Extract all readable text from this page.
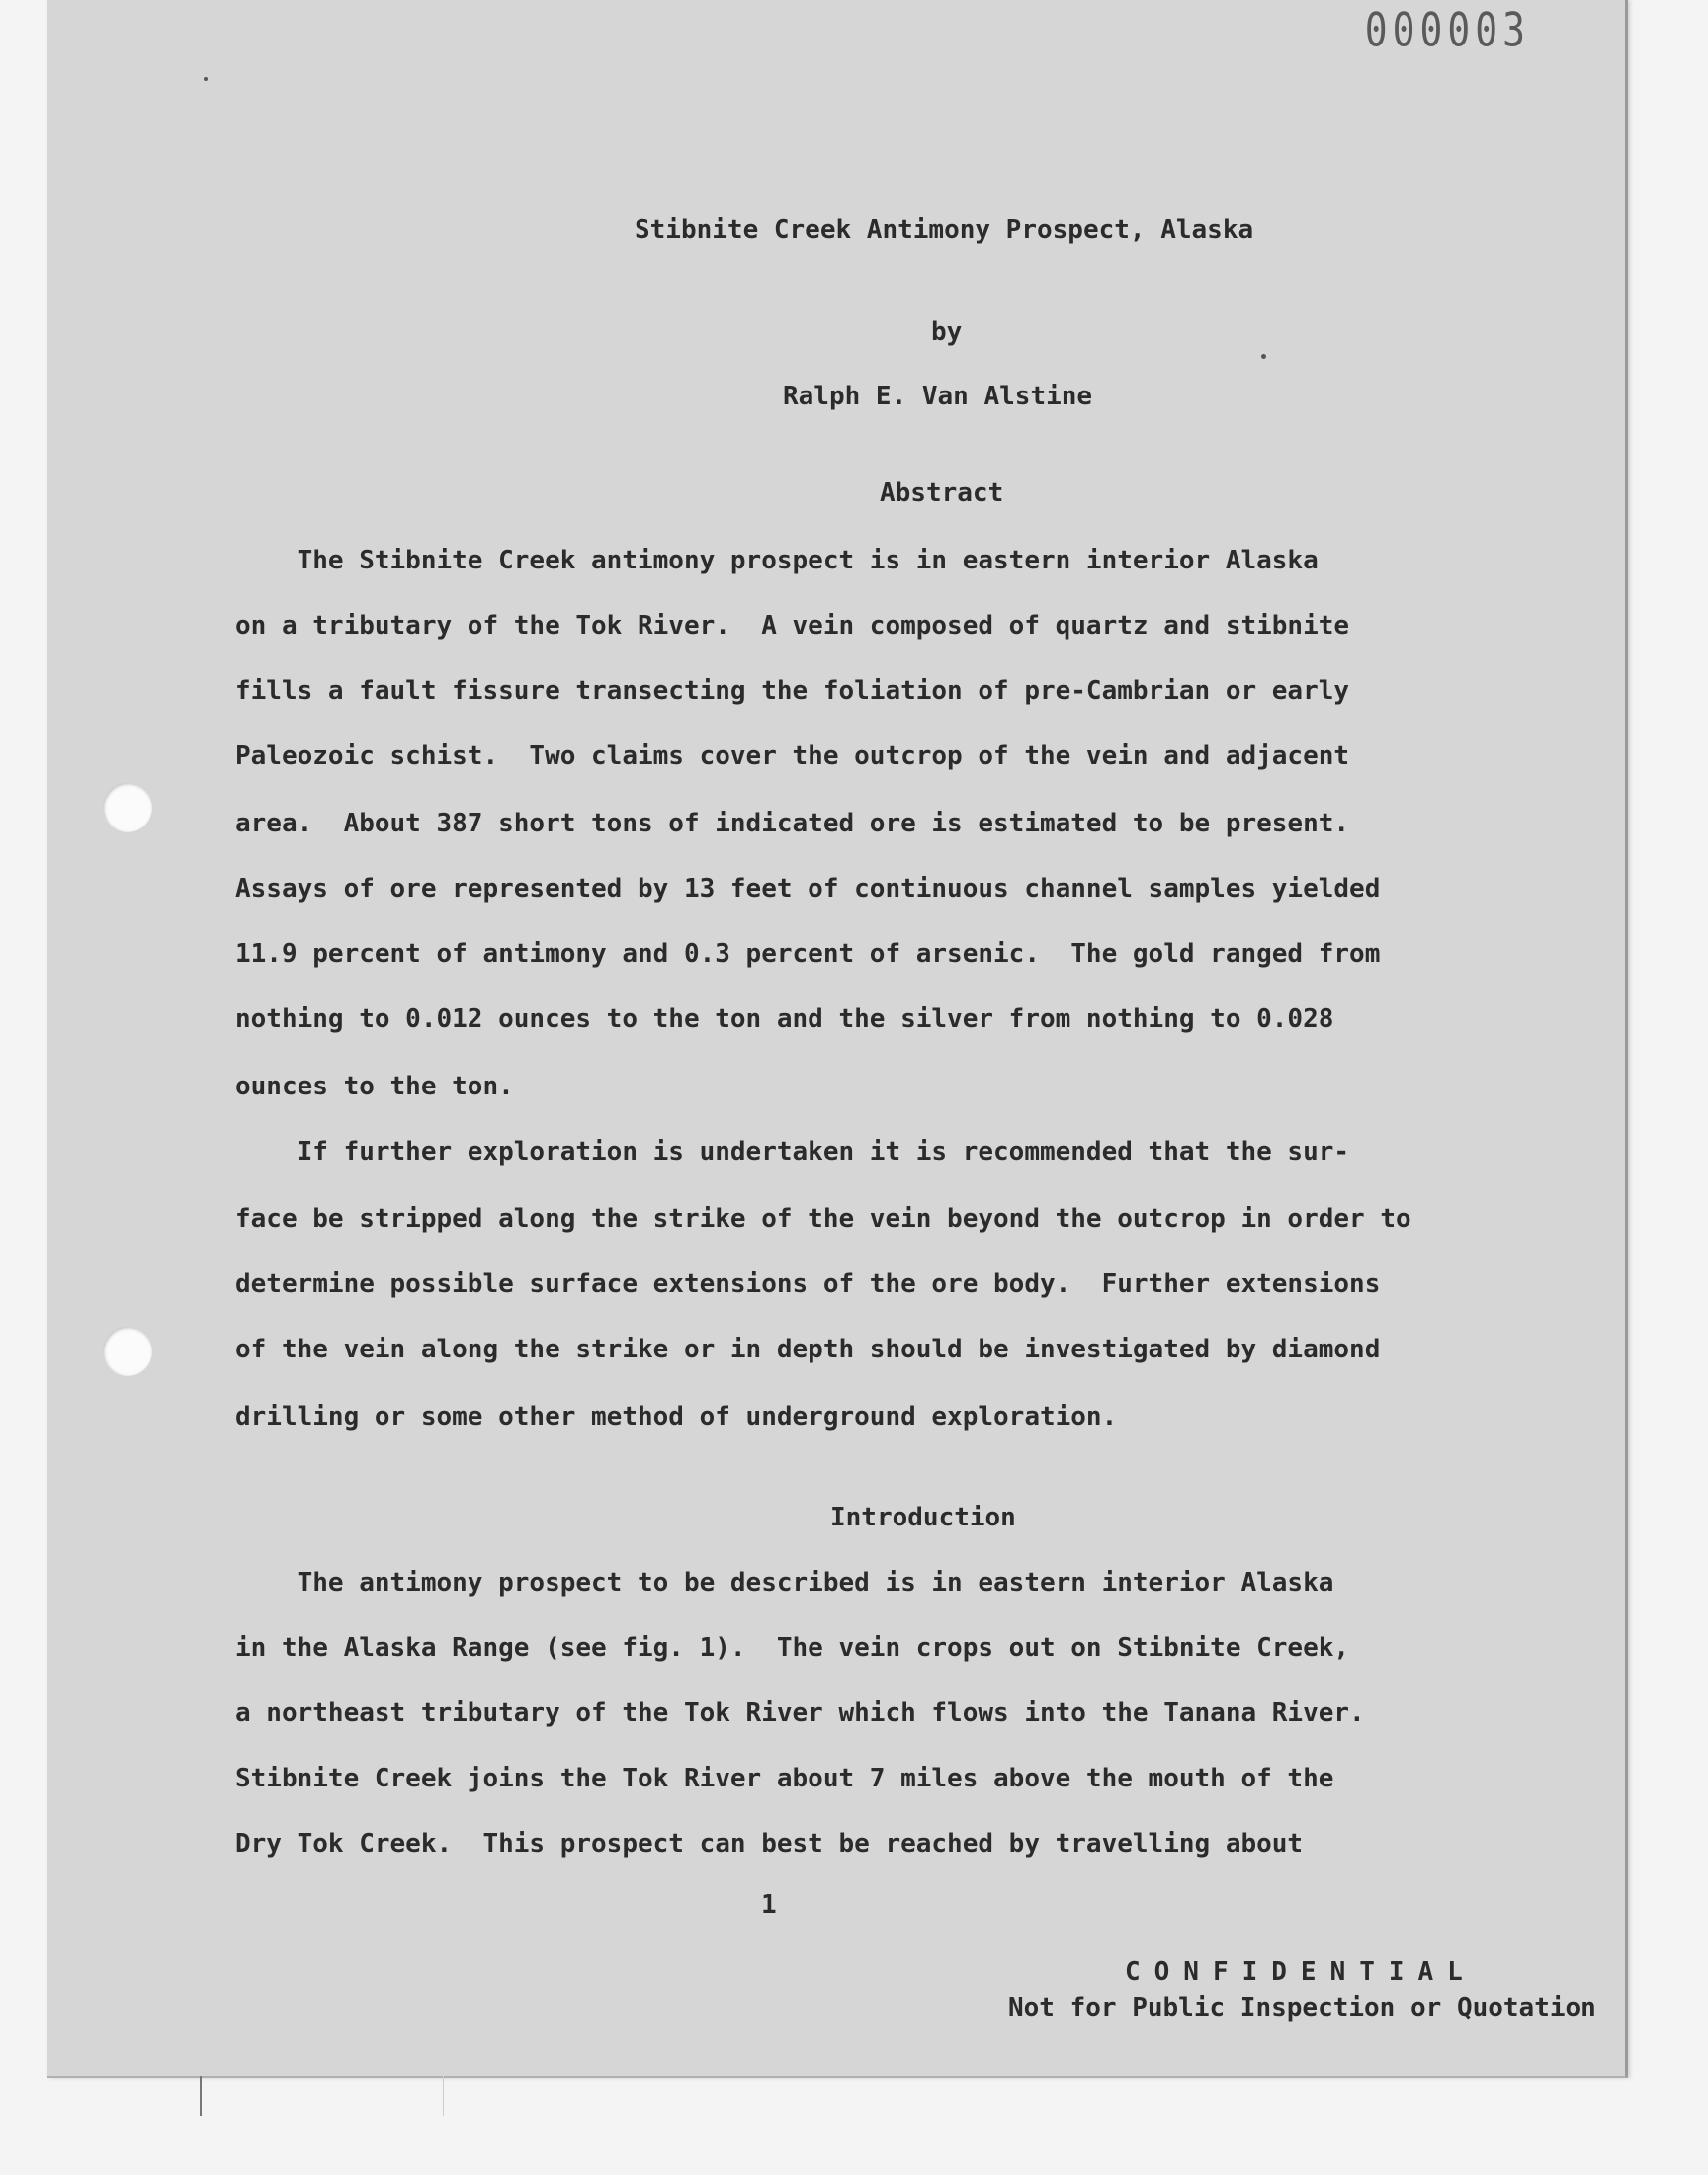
000003
Stibnite Creek Antimony Prospect, Alaska
by
Ralph E. Van Alstine
Abstract
The Stibnite Creek antimony prospect is in eastern interior Alaska
on a tributary of the Tok River.  A vein composed of quartz and stibnite
fills a fault fissure transecting the foliation of pre-Cambrian or early
Paleozoic schist.  Two claims cover the outcrop of the vein and adjacent
area.  About 387 short tons of indicated ore is estimated to be present.
Assays of ore represented by 13 feet of continuous channel samples yielded
11.9 percent of antimony and 0.3 percent of arsenic.  The gold ranged from
nothing to 0.012 ounces to the ton and the silver from nothing to 0.028
ounces to the ton.
If further exploration is undertaken it is recommended that the sur-
face be stripped along the strike of the vein beyond the outcrop in order to
determine possible surface extensions of the ore body.  Further extensions
of the vein along the strike or in depth should be investigated by diamond
drilling or some other method of underground exploration.
Introduction
The antimony prospect to be described is in eastern interior Alaska
in the Alaska Range (see fig. 1).  The vein crops out on Stibnite Creek,
a northeast tributary of the Tok River which flows into the Tanana River.
Stibnite Creek joins the Tok River about 7 miles above the mouth of the
Dry Tok Creek.  This prospect can best be reached by travelling about
1
CONFIDENTIAL
Not for Public Inspection or Quotation
